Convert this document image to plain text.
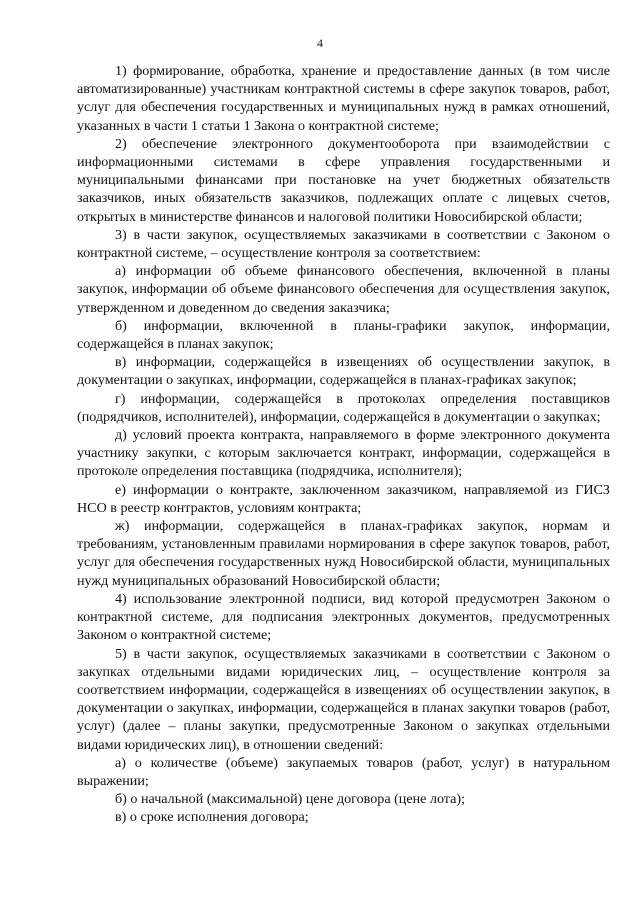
4

1) формирование, обработка, хранение и предоставление данных (в том числе автоматизированные) участникам контрактной системы в сфере закупок товаров, работ, услуг для обеспечения государственных и муниципальных нужд в рамках отношений, указанных в части 1 статьи 1 Закона о контрактной системе;

2) обеспечение электронного документооборота при взаимодействии с информационными системами в сфере управления государственными и муниципальными финансами при постановке на учет бюджетных обязательств заказчиков, иных обязательств заказчиков, подлежащих оплате с лицевых счетов, открытых в министерстве финансов и налоговой политики Новосибирской области;

3) в части закупок, осуществляемых заказчиками в соответствии с Законом о контрактной системе, – осуществление контроля за соответствием:

а) информации об объеме финансового обеспечения, включенной в планы закупок, информации об объеме финансового обеспечения для осуществления закупок, утвержденном и доведенном до сведения заказчика;

б) информации, включенной в планы-графики закупок, информации, содержащейся в планах закупок;

в) информации, содержащейся в извещениях об осуществлении закупок, в документации о закупках, информации, содержащейся в планах-графиках закупок;

г) информации, содержащейся в протоколах определения поставщиков (подрядчиков, исполнителей), информации, содержащейся в документации о закупках;

д) условий проекта контракта, направляемого в форме электронного документа участнику закупки, с которым заключается контракт, информации, содержащейся в протоколе определения поставщика (подрядчика, исполнителя);

е) информации о контракте, заключенном заказчиком, направляемой из ГИСЗ НСО в реестр контрактов, условиям контракта;

ж) информации, содержащейся в планах-графиках закупок, нормам и требованиям, установленным правилами нормирования в сфере закупок товаров, работ, услуг для обеспечения государственных нужд Новосибирской области, муниципальных нужд муниципальных образований Новосибирской области;

4) использование электронной подписи, вид которой предусмотрен Законом о контрактной системе, для подписания электронных документов, предусмотренных Законом о контрактной системе;

5) в части закупок, осуществляемых заказчиками в соответствии с Законом о закупках отдельными видами юридических лиц, – осуществление контроля за соответствием информации, содержащейся в извещениях об осуществлении закупок, в документации о закупках, информации, содержащейся в планах закупки товаров (работ, услуг) (далее – планы закупки, предусмотренные Законом о закупках отдельными видами юридических лиц), в отношении сведений:

а) о количестве (объеме) закупаемых товаров (работ, услуг) в натуральном выражении;

б) о начальной (максимальной) цене договора (цене лота);

в) о сроке исполнения договора;
